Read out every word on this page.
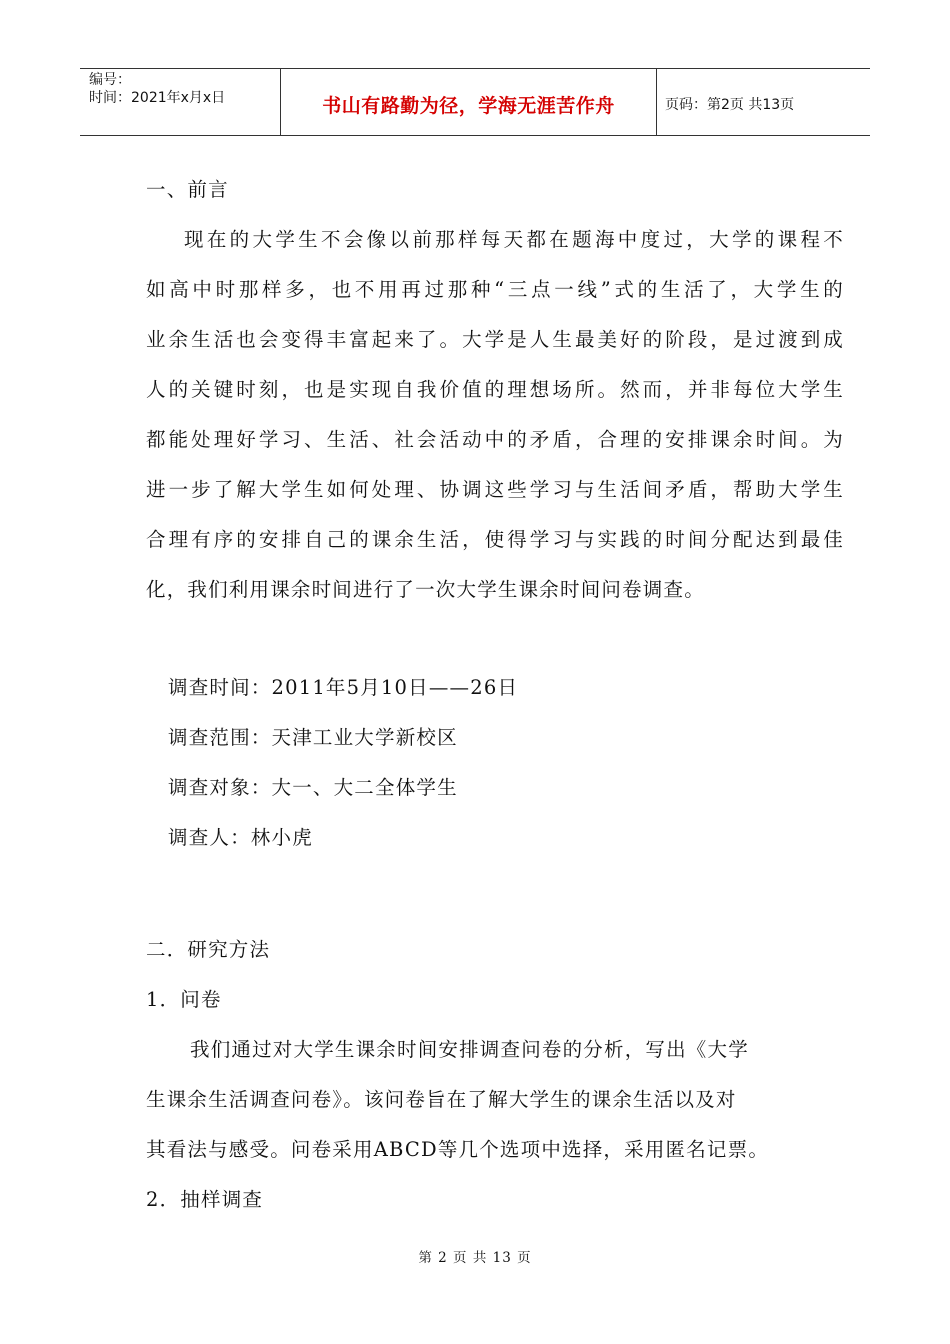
编号：
时间：2021年x月x日	书山有路勤为径，学海无涯苦作舟	页码：第2页 共13页
一、前言
现在的大学生不会像以前那样每天都在题海中度过，大学的课程不
如高中时那样多，也不用再过那种“三点一线”式的生活了，大学生的
业余生活也会变得丰富起来了。大学是人生最美好的阶段，是过渡到成
人的关键时刻，也是实现自我价值的理想场所。然而，并非每位大学生
都能处理好学习、生活、社会活动中的矛盾，合理的安排课余时间。为
进一步了解大学生如何处理、协调这些学习与生活间矛盾，帮助大学生
合理有序的安排自己的课余生活，使得学习与实践的时间分配达到最佳
化，我们利用课余时间进行了一次大学生课余时间问卷调查。
调查时间：2011年5月10日——26日
调查范围：天津工业大学新校区
调查对象：大一、大二全体学生
调查人：林小虎
二．研究方法
1．问卷
我们通过对大学生课余时间安排调查问卷的分析，写出《大学
生课余生活调查问卷》。该问卷旨在了解大学生的课余生活以及对
其看法与感受。问卷采用ABCD等几个选项中选择，采用匿名记票。
2．抽样调查
第 2 页 共 13 页
